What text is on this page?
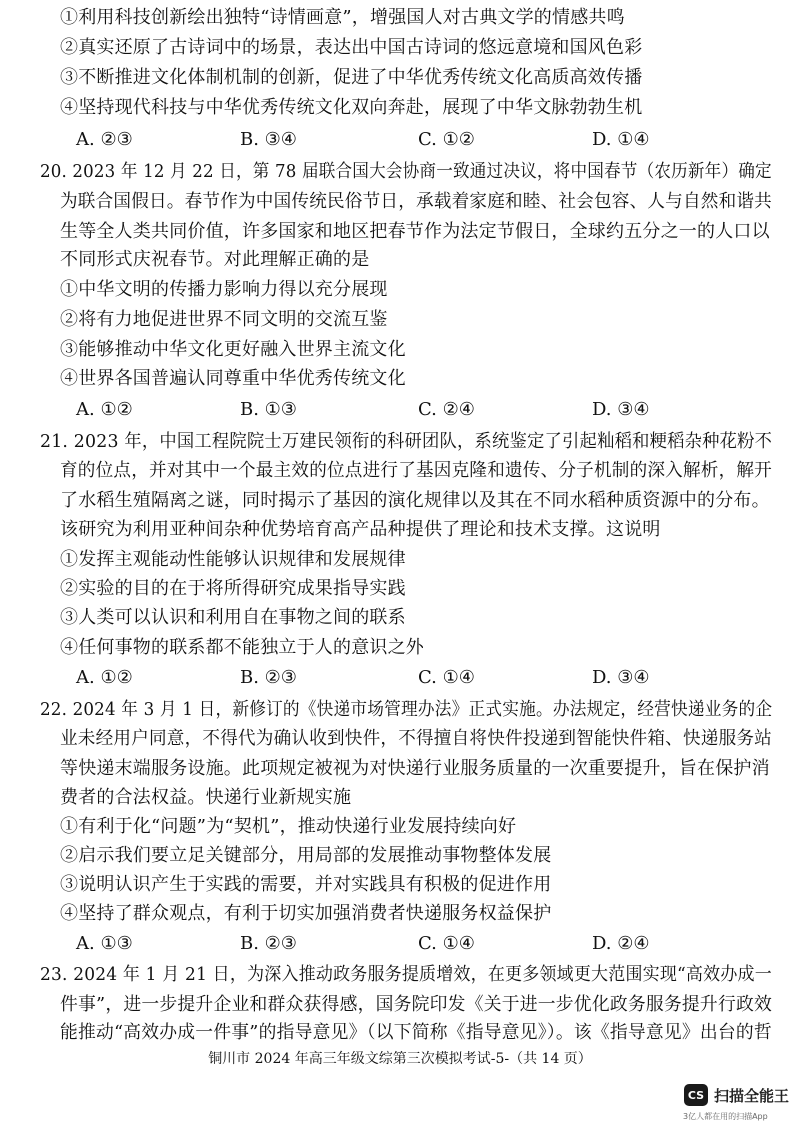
①利用科技创新绘出独特“诗情画意”，增强国人对古典文学的情感共鸣
②真实还原了古诗词中的场景，表达出中国古诗词的悠远意境和国风色彩
③不断推进文化体制机制的创新，促进了中华优秀传统文化高质高效传播
④坚持现代科技与中华优秀传统文化双向奔赴，展现了中华文脉勃勃生机
A. ②③	B. ③④	C. ①②	D. ①④
20. 2023 年 12 月 22 日，第 78 届联合国大会协商一致通过决议，将中国春节（农历新年）确定
为联合国假日。春节作为中国传统民俗节日，承载着家庭和睦、社会包容、人与自然和谐共
生等全人类共同价值，许多国家和地区把春节作为法定节假日，全球约五分之一的人口以
不同形式庆祝春节。对此理解正确的是
①中华文明的传播力影响力得以充分展现
②将有力地促进世界不同文明的交流互鉴
③能够推动中华文化更好融入世界主流文化
④世界各国普遍认同尊重中华优秀传统文化
A. ①②	B. ①③	C. ②④	D. ③④
21. 2023 年，中国工程院院士万建民领衔的科研团队，系统鉴定了引起籼稻和粳稻杂种花粉不
育的位点，并对其中一个最主效的位点进行了基因克隆和遗传、分子机制的深入解析，解开
了水稻生殖隔离之谜，同时揭示了基因的演化规律以及其在不同水稻种质资源中的分布。
该研究为利用亚种间杂种优势培育高产品种提供了理论和技术支撑。这说明
①发挥主观能动性能够认识规律和发展规律
②实验的目的在于将所得研究成果指导实践
③人类可以认识和利用自在事物之间的联系
④任何事物的联系都不能独立于人的意识之外
A. ①②	B. ②③	C. ①④	D. ③④
22. 2024 年 3 月 1 日，新修订的《快递市场管理办法》正式实施。办法规定，经营快递业务的企
业未经用户同意，不得代为确认收到快件，不得擅自将快件投递到智能快件箱、快递服务站
等快递末端服务设施。此项规定被视为对快递行业服务质量的一次重要提升，旨在保护消
费者的合法权益。快递行业新规实施
①有利于化“问题”为“契机”，推动快递行业发展持续向好
②启示我们要立足关键部分，用局部的发展推动事物整体发展
③说明认识产生于实践的需要，并对实践具有积极的促进作用
④坚持了群众观点，有利于切实加强消费者快递服务权益保护
A. ①③	B. ②③	C. ①④	D. ②④
23. 2024 年 1 月 21 日，为深入推动政务服务提质增效，在更多领域更大范围实现“高效办成一
件事”，进一步提升企业和群众获得感，国务院印发《关于进一步优化政务服务提升行政效
能推动“高效办成一件事”的指导意见》（以下简称《指导意见》）。该《指导意见》出台的哲
铜川市 2024 年高三年级文综第三次模拟考试-5-（共 14 页）
CS 扫描全能王
3亿人都在用的扫描App
